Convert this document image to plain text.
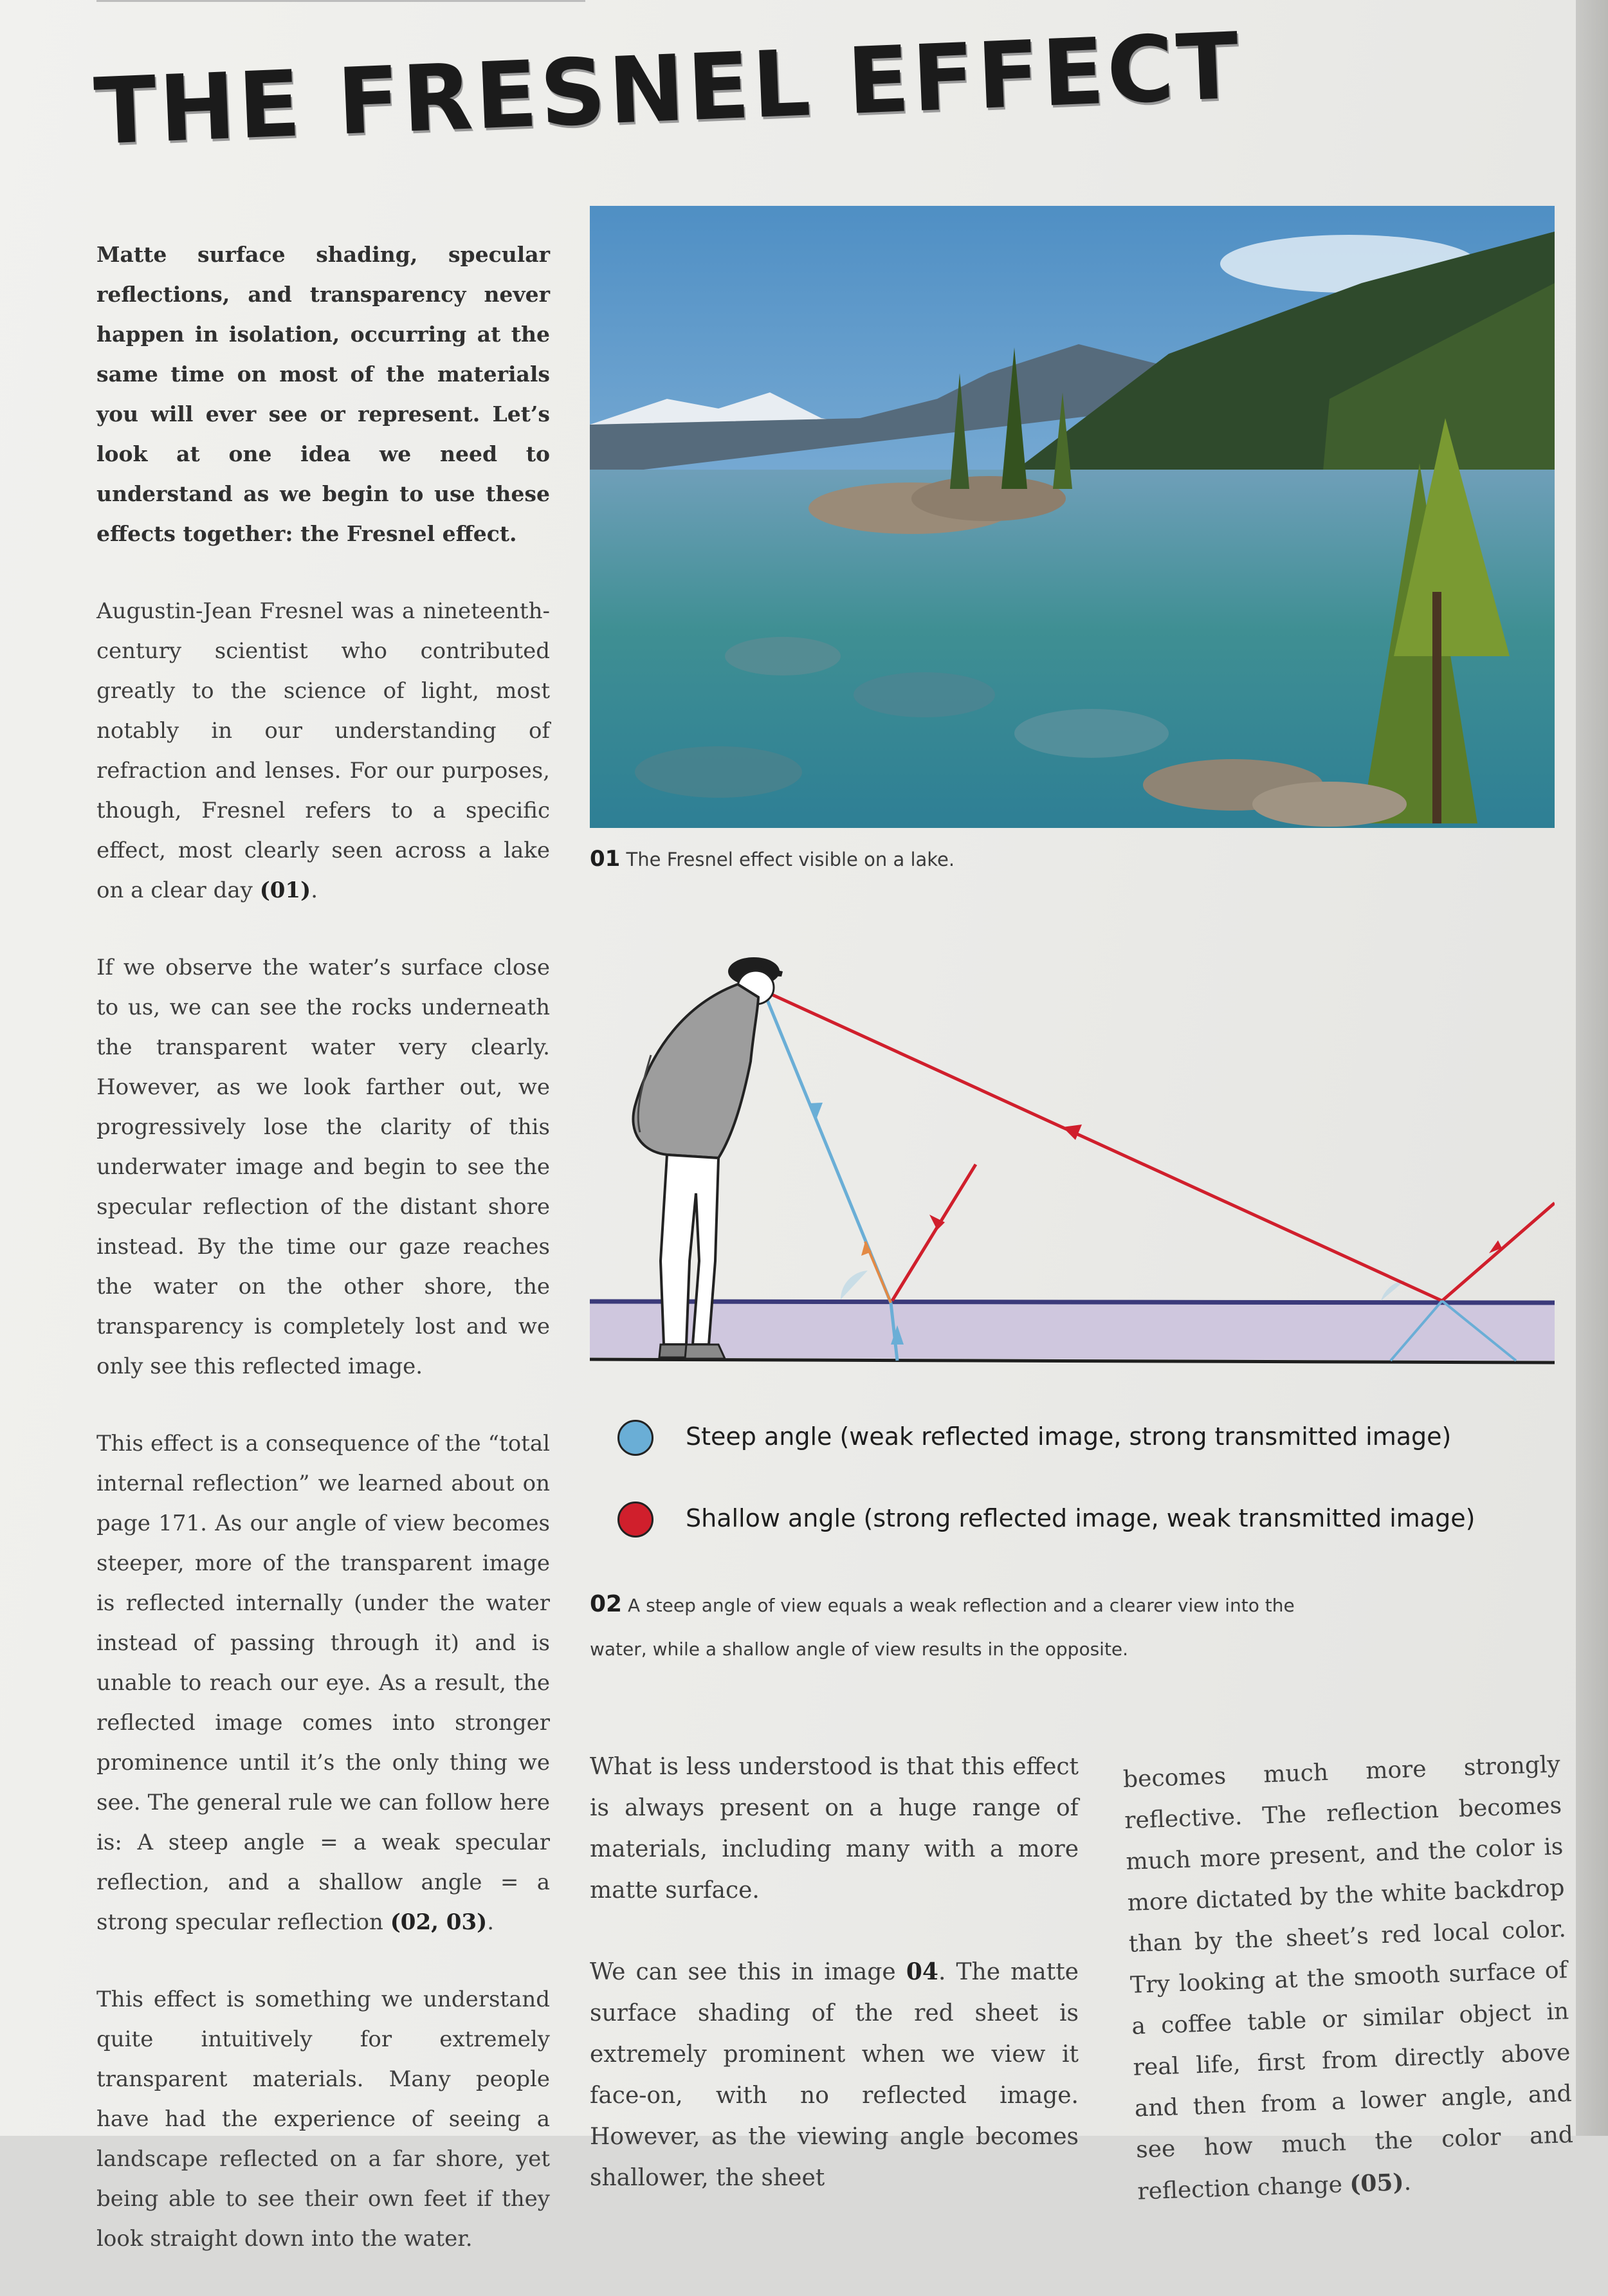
THE FRESNEL EFFECT

Matte surface shading, specular reflections, and transparency never happen in isolation, occurring at the same time on most of the materials you will ever see or represent. Let’s look at one idea we need to understand as we begin to use these effects together: the Fresnel effect.

Augustin-Jean Fresnel was a nineteenth-century scientist who contributed greatly to the science of light, most notably in our understanding of refraction and lenses. For our purposes, though, Fresnel refers to a specific effect, most clearly seen across a lake on a clear day (01).

If we observe the water’s surface close to us, we can see the rocks underneath the transparent water very clearly. However, as we look farther out, we progressively lose the clarity of this underwater image and begin to see the specular reflection of the distant shore instead. By the time our gaze reaches the water on the other shore, the transparency is completely lost and we only see this reflected image.

This effect is a consequence of the “total internal reflection” we learned about on page 171. As our angle of view becomes steeper, more of the transparent image is reflected internally (under the water instead of passing through it) and is unable to reach our eye. As a result, the reflected image comes into stronger prominence until it’s the only thing we see. The general rule we can follow here is: A steep angle = a weak specular reflection, and a shallow angle = a strong specular reflection (02, 03).

This effect is something we understand quite intuitively for extremely transparent materials. Many people have had the experience of seeing a landscape reflected on a far shore, yet being able to see their own feet if they look straight down into the water.

01 The Fresnel effect visible on a lake.
Steep angle (weak reflected image, strong transmitted image)
Shallow angle (strong reflected image, weak transmitted image)
02 A steep angle of view equals a weak reflection and a clearer view into the water, while a shallow angle of view results in the opposite.

What is less understood is that this effect is always present on a huge range of materials, including many with a more matte surface.

We can see this in image 04. The matte surface shading of the red sheet is extremely prominent when we view it face-on, with no reflected image. However, as the viewing angle becomes shallower, the sheet

becomes much more strongly reflective. The reflection becomes much more present, and the color is more dictated by the white backdrop than by the sheet’s red local color. Try looking at the smooth surface of a coffee table or similar object in real life, first from directly above and then from a lower angle, and see how much the color and reflection change (05).
